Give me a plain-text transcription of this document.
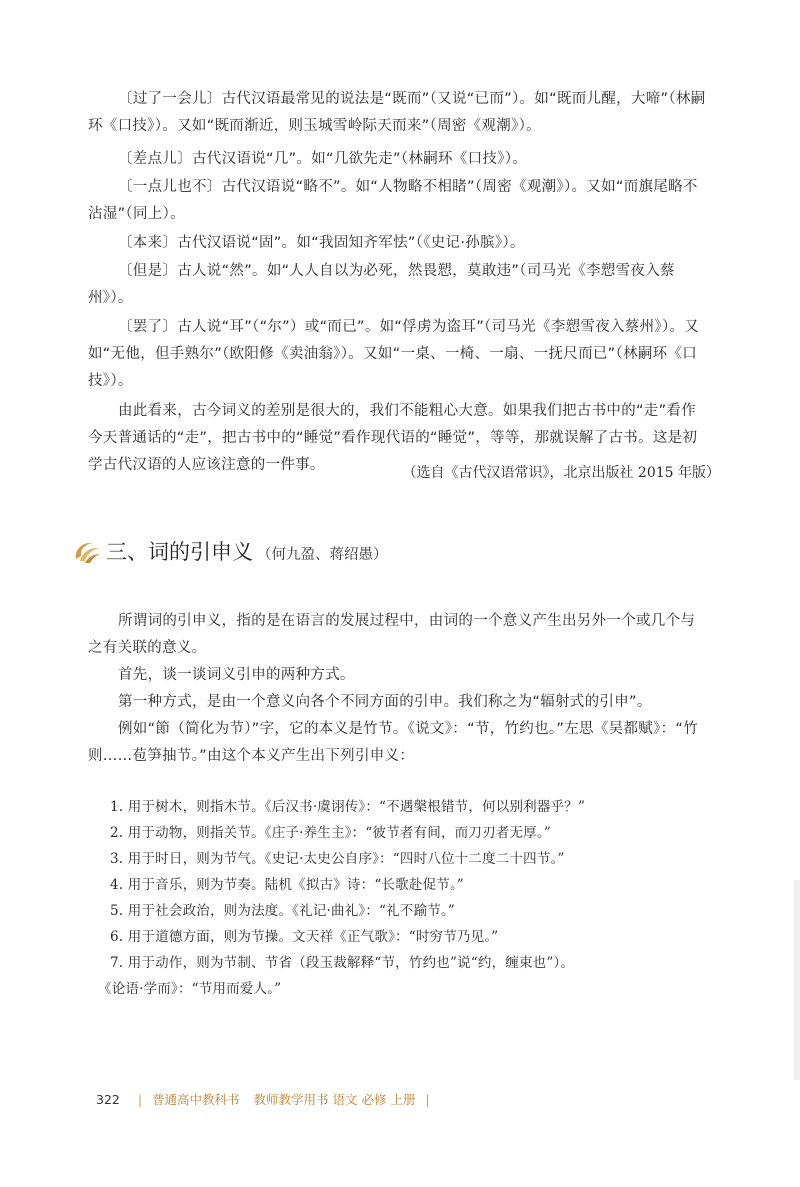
〔过了一会儿〕古代汉语最常见的说法是“既而”（又说“已而”）。如“既而儿醒，大啼”（林嗣环《口技》）。又如“既而渐近，则玉城雪岭际天而来”（周密《观潮》）。

〔差点儿〕古代汉语说“几”。如“几欲先走”（林嗣环《口技》）。

〔一点儿也不〕古代汉语说“略不”。如“人物略不相睹”（周密《观潮》）。又如“而旗尾略不沾湿”（同上）。

〔本来〕古代汉语说“固”。如“我固知齐军怯”（《史记·孙膑》）。

〔但是〕古人说“然”。如“人人自以为必死，然畏愬，莫敢违”（司马光《李愬雪夜入蔡州》）。

〔罢了〕古人说“耳”（“尔”）或“而已”。如“俘虏为盗耳”（司马光《李愬雪夜入蔡州》）。又如“无他，但手熟尔”（欧阳修《卖油翁》）。又如“一桌、一椅、一扇、一抚尺而已”（林嗣环《口技》）。

由此看来，古今词义的差别是很大的，我们不能粗心大意。如果我们把古书中的“走”看作今天普通话的“走”，把古书中的“睡觉”看作现代语的“睡觉”，等等，那就误解了古书。这是初学古代汉语的人应该注意的一件事。	（选自《古代汉语常识》，北京出版社 2015 年版）

三、词的引申义 （何九盈、蒋绍愚）

所谓词的引申义，指的是在语言的发展过程中，由词的一个意义产生出另外一个或几个与之有关联的意义。

首先，谈一谈词义引申的两种方式。

第一种方式，是由一个意义向各个不同方面的引申。我们称之为“辐射式的引申”。

例如“節（简化为节）”字，它的本义是竹节。《说文》：“节，竹约也。”左思《吴都赋》：“竹则……苞笋抽节。”由这个本义产生出下列引申义：

1. 用于树木，则指木节。《后汉书·虞诩传》：“不遇槃根错节，何以别利器乎？”
2. 用于动物，则指关节。《庄子·养生主》：“彼节者有间，而刀刃者无厚。”
3. 用于时日，则为节气。《史记·太史公自序》：“四时八位十二度二十四节。”
4. 用于音乐，则为节奏。陆机《拟古》诗：“长歌赴促节。”
5. 用于社会政治，则为法度。《礼记·曲礼》：“礼不踰节。”
6. 用于道德方面，则为节操。文天祥《正气歌》：“时穷节乃见。”
7. 用于动作，则为节制、节省（段玉裁解释“节，竹约也”说“约，缠束也”）。
《论语·学而》：“节用而爱人。”
322 | 普通高中教科书 教师教学用书 语文 必修 上册 |
